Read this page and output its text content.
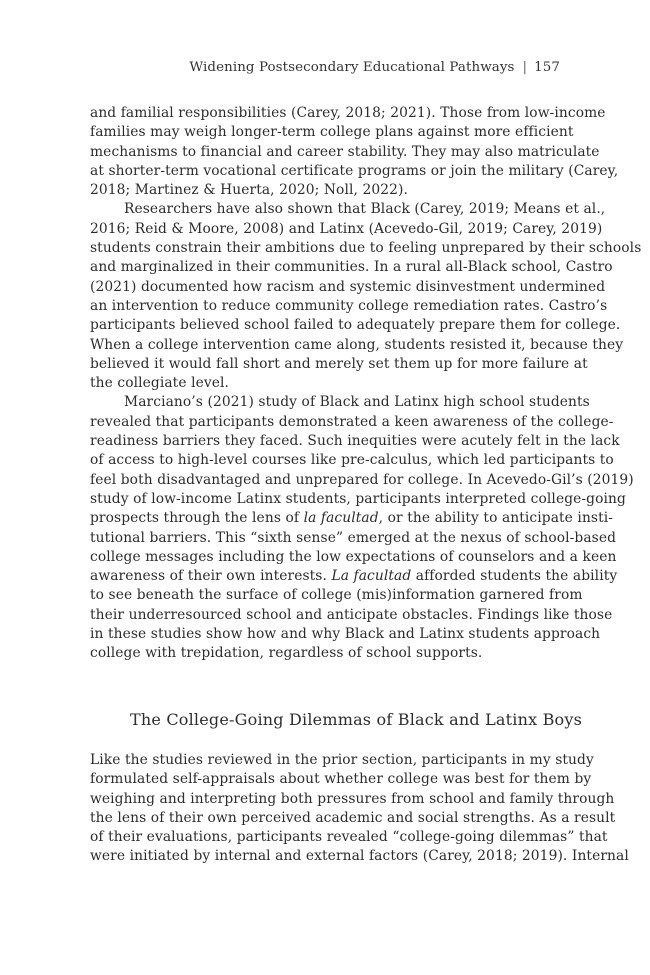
Widening Postsecondary Educational Pathways | 157
and familial responsibilities (Carey, 2018; 2021). Those from low-income
families may weigh longer-term college plans against more efficient
mechanisms to financial and career stability. They may also matriculate
at shorter-term vocational certificate programs or join the military (Carey,
2018; Martinez & Huerta, 2020; Noll, 2022).
Researchers have also shown that Black (Carey, 2019; Means et al.,
2016; Reid & Moore, 2008) and Latinx (Acevedo-Gil, 2019; Carey, 2019)
students constrain their ambitions due to feeling unprepared by their schools
and marginalized in their communities. In a rural all-Black school, Castro
(2021) documented how racism and systemic disinvestment undermined
an intervention to reduce community college remediation rates. Castro’s
participants believed school failed to adequately prepare them for college.
When a college intervention came along, students resisted it, because they
believed it would fall short and merely set them up for more failure at
the collegiate level.
Marciano’s (2021) study of Black and Latinx high school students
revealed that participants demonstrated a keen awareness of the college-
readiness barriers they faced. Such inequities were acutely felt in the lack
of access to high-level courses like pre-calculus, which led participants to
feel both disadvantaged and unprepared for college. In Acevedo-Gil’s (2019)
study of low-income Latinx students, participants interpreted college-going
prospects through the lens of la facultad, or the ability to anticipate insti-
tutional barriers. This “sixth sense” emerged at the nexus of school-based
college messages including the low expectations of counselors and a keen
awareness of their own interests. La facultad afforded students the ability
to see beneath the surface of college (mis)information garnered from
their underresourced school and anticipate obstacles. Findings like those
in these studies show how and why Black and Latinx students approach
college with trepidation, regardless of school supports.
The College-Going Dilemmas of Black and Latinx Boys
Like the studies reviewed in the prior section, participants in my study
formulated self-appraisals about whether college was best for them by
weighing and interpreting both pressures from school and family through
the lens of their own perceived academic and social strengths. As a result
of their evaluations, participants revealed “college-going dilemmas” that
were initiated by internal and external factors (Carey, 2018; 2019). Internal
